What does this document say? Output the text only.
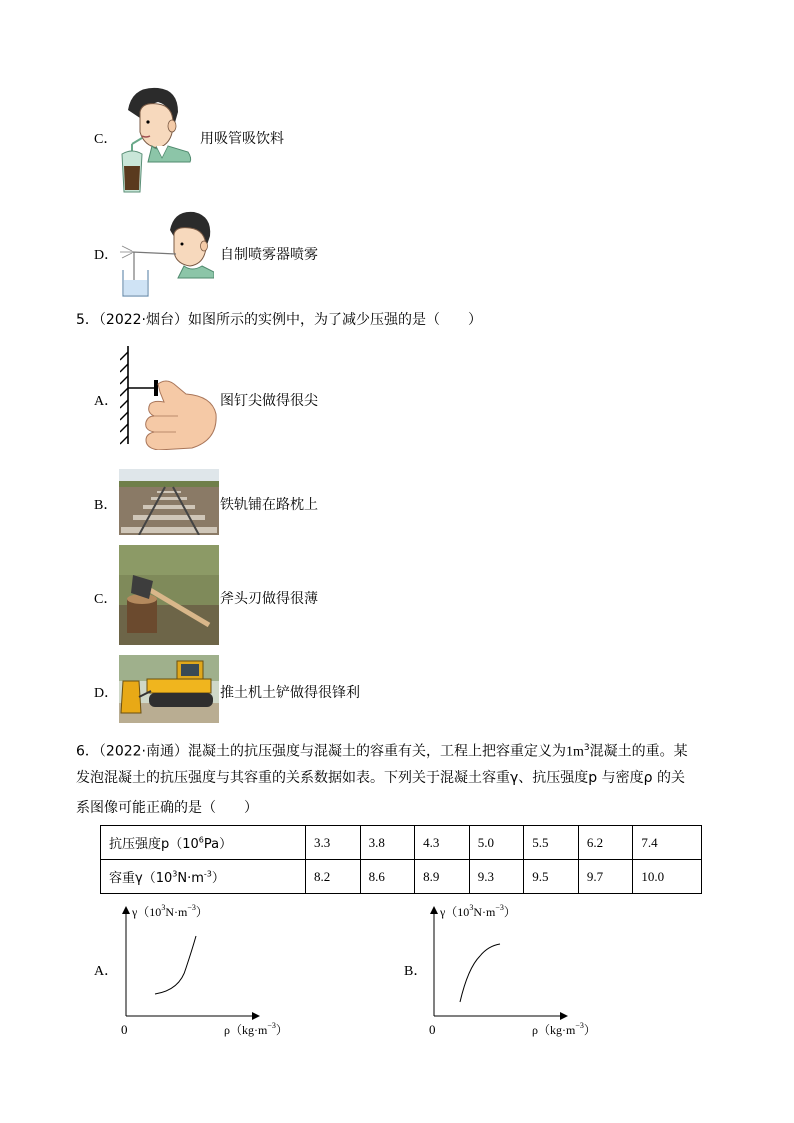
C．	用吸管吸饮料
D．	自制喷雾器喷雾
5．（2022·烟台）如图所示的实例中，为了减少压强的是（　　）
A．	图钉尖做得很尖
B．	铁轨铺在路枕上
C．	斧头刃做得很薄
D．	推土机土铲做得很锋利
6．（2022·南通）混凝土的抗压强度与混凝土的容重有关，工程上把容重定义为$1m^3$混凝土的重。某
发泡混凝土的抗压强度与其容重的关系数据如表。下列关于混凝土容重γ、抗压强度p 与密度ρ 的关
系图像可能正确的是（　　）
抗压强度$p(10^6Pa)$	3.3	3.8	4.3	5.0	5.5	6.2	7.4
容重$\gamma(10^3N\cdot m^{-3})$	8.2	8.6	8.9	9.3	9.5	9.7	10.0
A．
$\gamma(10^3N\cdot m^{-3})$
0	$\rho(kg\cdot m^{-3})$
B．
$\gamma(10^3N\cdot m^{-3})$
0	$\rho(kg\cdot m^{-3})$
